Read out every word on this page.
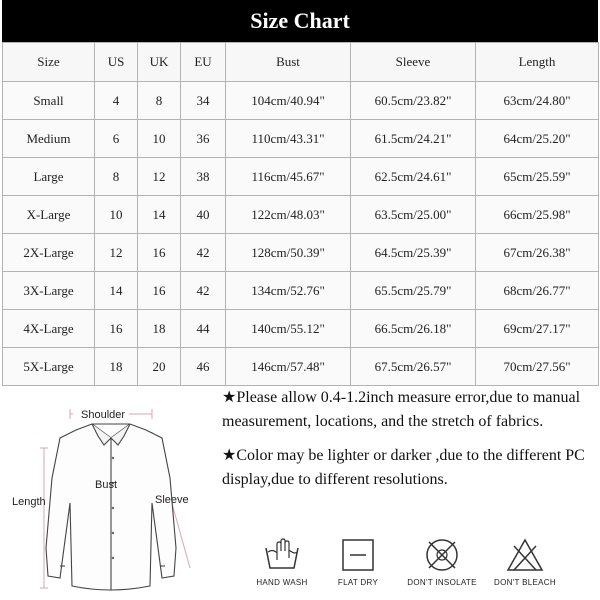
Size Chart
Size	US	UK	EU	Bust	Sleeve	Length
Small	4	8	34	104cm/40.94"	60.5cm/23.82"	63cm/24.80"
Medium	6	10	36	110cm/43.31"	61.5cm/24.21"	64cm/25.20"
Large	8	12	38	116cm/45.67"	62.5cm/24.61"	65cm/25.59"
X-Large	10	14	40	122cm/48.03"	63.5cm/25.00"	66cm/25.98"
2X-Large	12	16	42	128cm/50.39"	64.5cm/25.39"	67cm/26.38"
3X-Large	14	16	42	134cm/52.76"	65.5cm/25.79"	68cm/26.77"
4X-Large	16	18	44	140cm/55.12"	66.5cm/26.18"	69cm/27.17"
5X-Large	18	20	46	146cm/57.48"	67.5cm/26.57"	70cm/27.56"
Shoulder
Bust
Length	Sleeve

★Please allow 0.4-1.2inch measure error,due to manual measurement, locations, and the stretch of fabrics.

★Color may be lighter or darker ,due to the different PC display,due to different resolutions.

HAND WASH	FLAT DRY	DON'T INSOLATE	DON'T BLEACH
